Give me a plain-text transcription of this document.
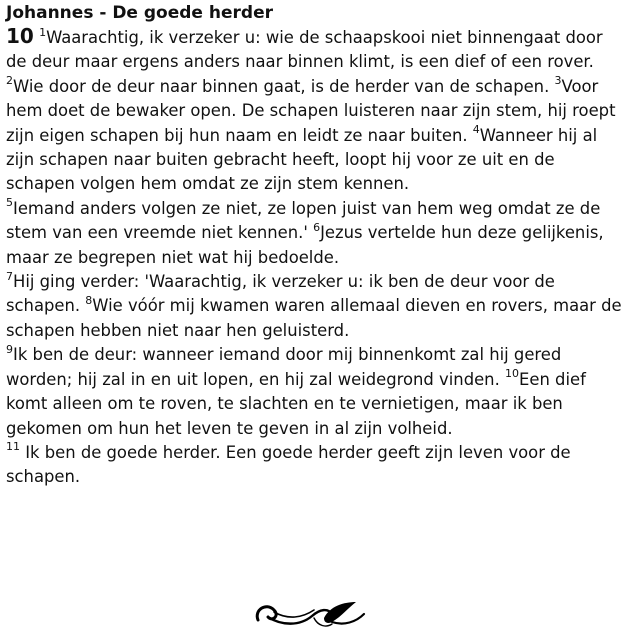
Johannes - De goede herder

10 $^1$Waarachtig, ik verzeker u: wie de schaapskooi niet binnengaat door de deur maar ergens anders naar binnen klimt, is een dief of een rover. $^2$Wie door de deur naar binnen gaat, is de herder van de schapen. $^3$Voor hem doet de bewaker open. De schapen luisteren naar zijn stem, hij roept zijn eigen schapen bij hun naam en leidt ze naar buiten. $^4$Wanneer hij al zijn schapen naar buiten gebracht heeft, loopt hij voor ze uit en de schapen volgen hem omdat ze zijn stem kennen.

$^5$Iemand anders volgen ze niet, ze lopen juist van hem weg omdat ze de stem van een vreemde niet kennen.' $^6$Jezus vertelde hun deze gelijkenis, maar ze begrepen niet wat hij bedoelde.

$^7$Hij ging verder: 'Waarachtig, ik verzeker u: ik ben de deur voor de schapen. $^8$Wie vóór mij kwamen waren allemaal dieven en rovers, maar de schapen hebben niet naar hen geluisterd.

$^9$Ik ben de deur: wanneer iemand door mij binnenkomt zal hij gered worden; hij zal in en uit lopen, en hij zal weidegrond vinden. $^{10}$Een dief komt alleen om te roven, te slachten en te vernietigen, maar ik ben gekomen om hun het leven te geven in al zijn volheid.

$^{11}$ Ik ben de goede herder. Een goede herder geeft zijn leven voor de schapen.
